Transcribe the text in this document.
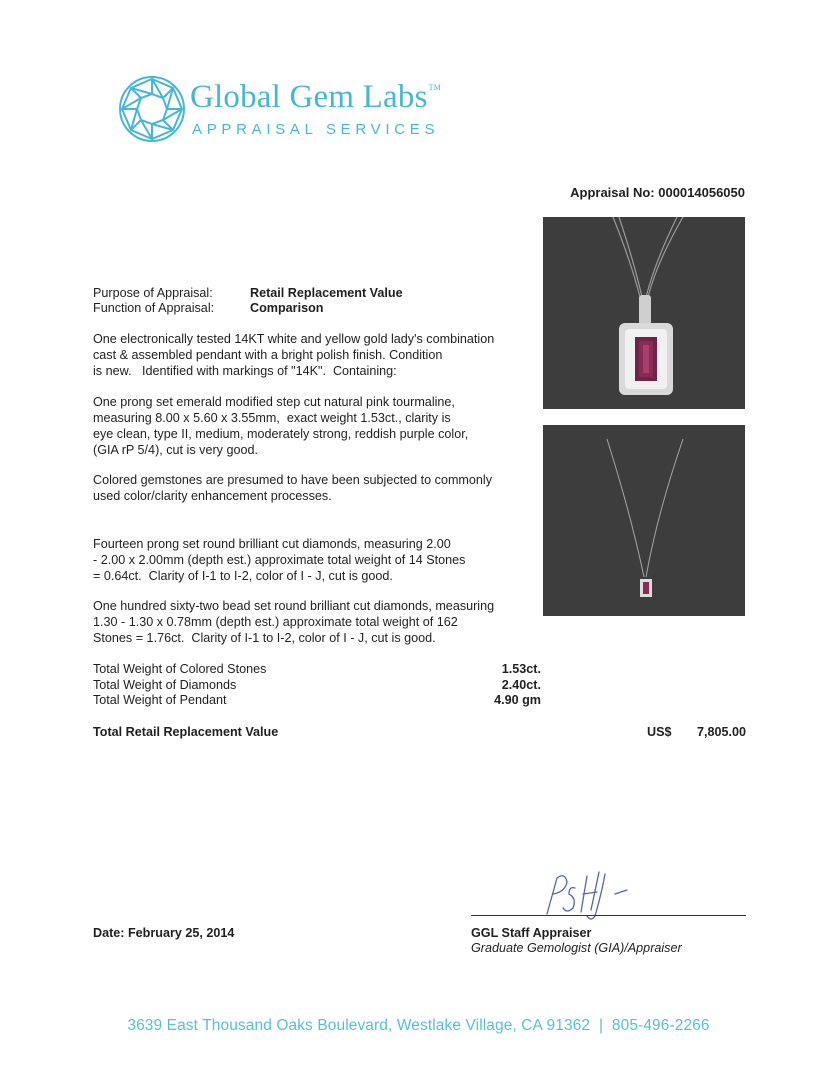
Global Gem Labs™
APPRAISAL SERVICES
Appraisal No: 000014056050
Purpose of Appraisal:	Retail Replacement Value
Function of Appraisal:	Comparison

One electronically tested 14KT white and yellow gold lady's combination

cast & assembled pendant with a bright polish finish. Condition

is new.   Identified with markings of "14K".  Containing:

One prong set emerald modified step cut natural pink tourmaline,

measuring 8.00 x 5.60 x 3.55mm,  exact weight 1.53ct., clarity is

eye clean, type II, medium, moderately strong, reddish purple color,

(GIA rP 5/4), cut is very good.

Colored gemstones are presumed to have been subjected to commonly

used color/clarity enhancement processes.

Fourteen prong set round brilliant cut diamonds, measuring 2.00

- 2.00 x 2.00mm (depth est.) approximate total weight of 14 Stones

= 0.64ct.  Clarity of I-1 to I-2, color of I - J, cut is good.

One hundred sixty-two bead set round brilliant cut diamonds, measuring

1.30 - 1.30 x 0.78mm (depth est.) approximate total weight of 162

Stones = 1.76ct.  Clarity of I-1 to I-2, color of I - J, cut is good.

Total Weight of Colored Stones	1.53ct.
Total Weight of Diamonds	2.40ct.
Total Weight of Pendant	4.90 gm
Total Retail Replacement Value	US$	7,805.00
Date: February 25, 2014	GGL Staff Appraiser
Graduate Gemologist (GIA)/Appraiser
3639 East Thousand Oaks Boulevard, Westlake Village, CA 91362  |  805-496-2266
